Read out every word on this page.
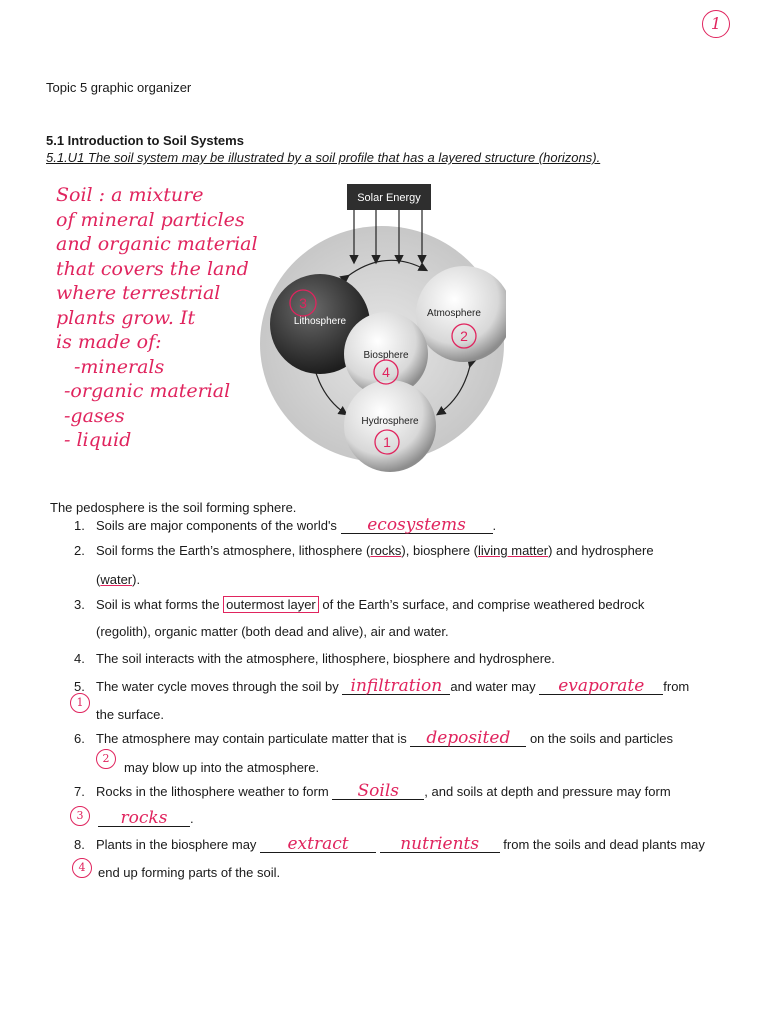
1
Topic 5 graphic organizer
5.1 Introduction to Soil Systems
5.1.U1 The soil system may be illustrated by a soil profile that has a layered structure (horizons).
Soil : a mixture
of mineral particles
and organic material
that covers the land
where terrestrial
plants grow. It
is made of:
-minerals
-organic material
-gases
- liquid
Solar Energy
Lithosphere
Atmosphere
Biosphere
Hydrosphere
3
2
4
1
The pedosphere is the soil forming sphere.
1. Soils are major components of the world's ecosystems .
2. Soil forms the Earth’s atmosphere, lithosphere (rocks), biosphere (living matter) and hydrosphere
(water).
3. Soil is what forms the outermost layer of the Earth’s surface, and comprise weathered bedrock
(regolith), organic matter (both dead and alive), air and water.
4. The soil interacts with the atmosphere, lithosphere, biosphere and hydrosphere.
1
5. The water cycle moves through the soil by infiltration and water may evaporate from
the surface.
2
6. The atmosphere may contain particulate matter that is deposited on the soils and particles
may blow up into the atmosphere.
3
7. Rocks in the lithosphere weather to form Soils , and soils at depth and pressure may form
rocks .
4
8. Plants in the biosphere may extract	nutrients from the soils and dead plants may
end up forming parts of the soil.
